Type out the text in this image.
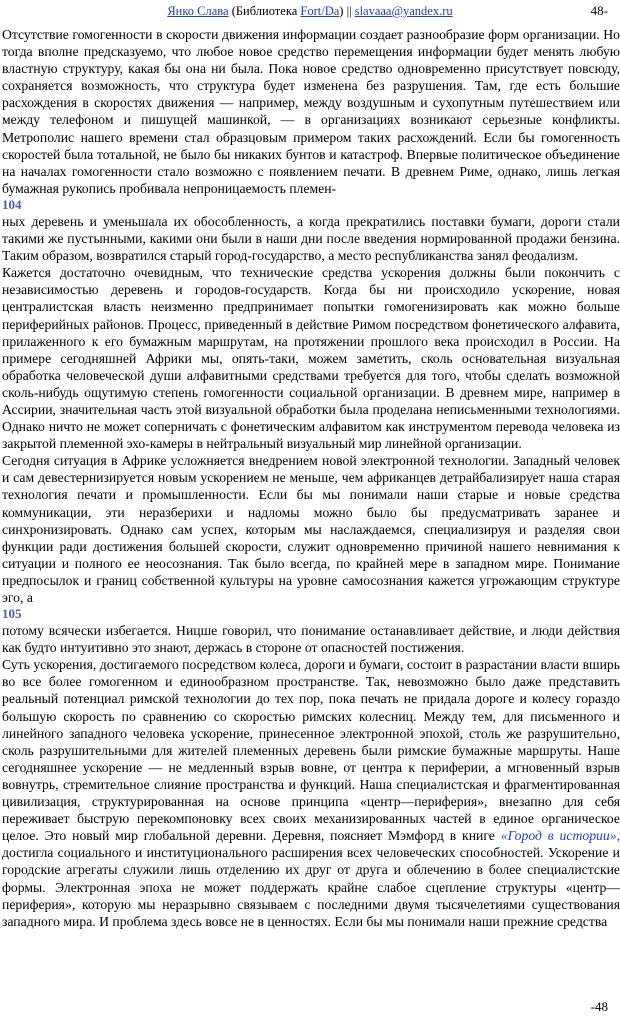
Янко Слава (Библиотека Fort/Da) || slavaaa@yandex.ru	48-

Отсутствие гомогенности в скорости движения информации создает разнообразие форм организации. Но тогда вполне предсказуемо, что любое новое средство перемещения информации будет менять любую властную структуру, какая бы она ни была. Пока новое средство одновременно присутствует повсюду, сохраняется возможность, что структура будет изменена без разрушения. Там, где есть большие расхождения в скоростях движения — например, между воздушным и сухопутным путешествием или между телефоном и пишущей машинкой, — в организациях возникают серьезные конфликты. Метрополис нашего времени стал образцовым примером таких расхождений. Если бы гомогенность скоростей была тотальной, не было бы никаких бунтов и катастроф. Впервые политическое объединение на началах гомогенности стало возможно с появлением печати. В древнем Риме, однако, лишь легкая бумажная рукопись пробивала непроницаемость племен-

104

ных деревень и уменьшала их обособленность, а когда прекратились поставки бумаги, дороги стали такими же пустынными, какими они были в наши дни после введения нормированной продажи бензина. Таким образом, возвратился старый город-государство, а место республиканства занял феодализм.

Кажется достаточно очевидным, что технические средства ускорения должны были покончить с независимостью деревень и городов-государств. Когда бы ни происходило ускорение, новая централистская власть неизменно предпринимает попытки гомогенизировать как можно больше периферийных районов. Процесс, приведенный в действие Римом посредством фонетического алфавита, прилаженного к его бумажным маршрутам, на протяжении прошлого века происходил в России. На примере сегодняшней Африки мы, опять-таки, можем заметить, сколь основательная визуальная обработка человеческой души алфавитными средствами требуется для того, чтобы сделать возможной сколь-нибудь ощутимую степень гомогенности социальной организации. В древнем мире, например в Ассирии, значительная часть этой визуальной обработки была проделана неписьменными технологиями. Однако ничто не может соперничать с фонетическим алфавитом как инструментом перевода человека из закрытой племенной эхо-камеры в нейтральный визуальный мир линейной организации.

Сегодня ситуация в Африке усложняется внедрением новой электронной технологии. Западный человек и сам девестернизируется новым ускорением не меньше, чем африканцев детрайбализирует наша старая технология печати и промышленности. Если бы мы понимали наши старые и новые средства коммуникации, эти неразберихи и надломы можно было бы предусматривать заранее и синхронизировать. Однако сам успех, которым мы наслаждаемся, специализируя и разделяя свои функции ради достижения большей скорости, служит одновременно причиной нашего невнимания к ситуации и полного ее неосознания. Так было всегда, по крайней мере в западном мире. Понимание предпосылок и границ собственной культуры на уровне самосознания кажется угрожающим структуре эго, а

105

потому всячески избегается. Ницше говорил, что понимание останавливает действие, и люди действия как будто интуитивно это знают, держась в стороне от опасностей постижения.

Суть ускорения, достигаемого посредством колеса, дороги и бумаги, состоит в разрастании власти вширь во все более гомогенном и единообразном пространстве. Так, невозможно было даже представить реальный потенциал римской технологии до тех пор, пока печать не придала дороге и колесу гораздо большую скорость по сравнению со скоростью римских колесниц. Между тем, для письменного и линейного западного человека ускорение, принесенное электронной эпохой, столь же разрушительно, сколь разрушительными для жителей племенных деревень были римские бумажные маршруты. Наше сегодняшнее ускорение — не медленный взрыв вовне, от центра к периферии, а мгновенный взрыв вовнутрь, стремительное слияние пространства и функций. Наша специалистская и фрагментированная цивилизация, структурированная на основе принципа «центр—периферия», внезапно для себя переживает быструю перекомпоновку всех своих механизированных частей в единое органическое целое. Это новый мир глобальной деревни. Деревня, поясняет Мэмфорд в книге «Город в истории», достигла социального и институционального расширения всех человеческих способностей. Ускорение и городские агрегаты служили лишь отделению их друг от друга и облечению в более специалистские формы. Электронная эпоха не может поддержать крайне слабое сцепление структуры «центр—периферия», которую мы неразрывно связываем с последними двумя тысячелетиями существования западного мира. И проблема здесь вовсе не в ценностях. Если бы мы понимали наши прежние средства

-48
